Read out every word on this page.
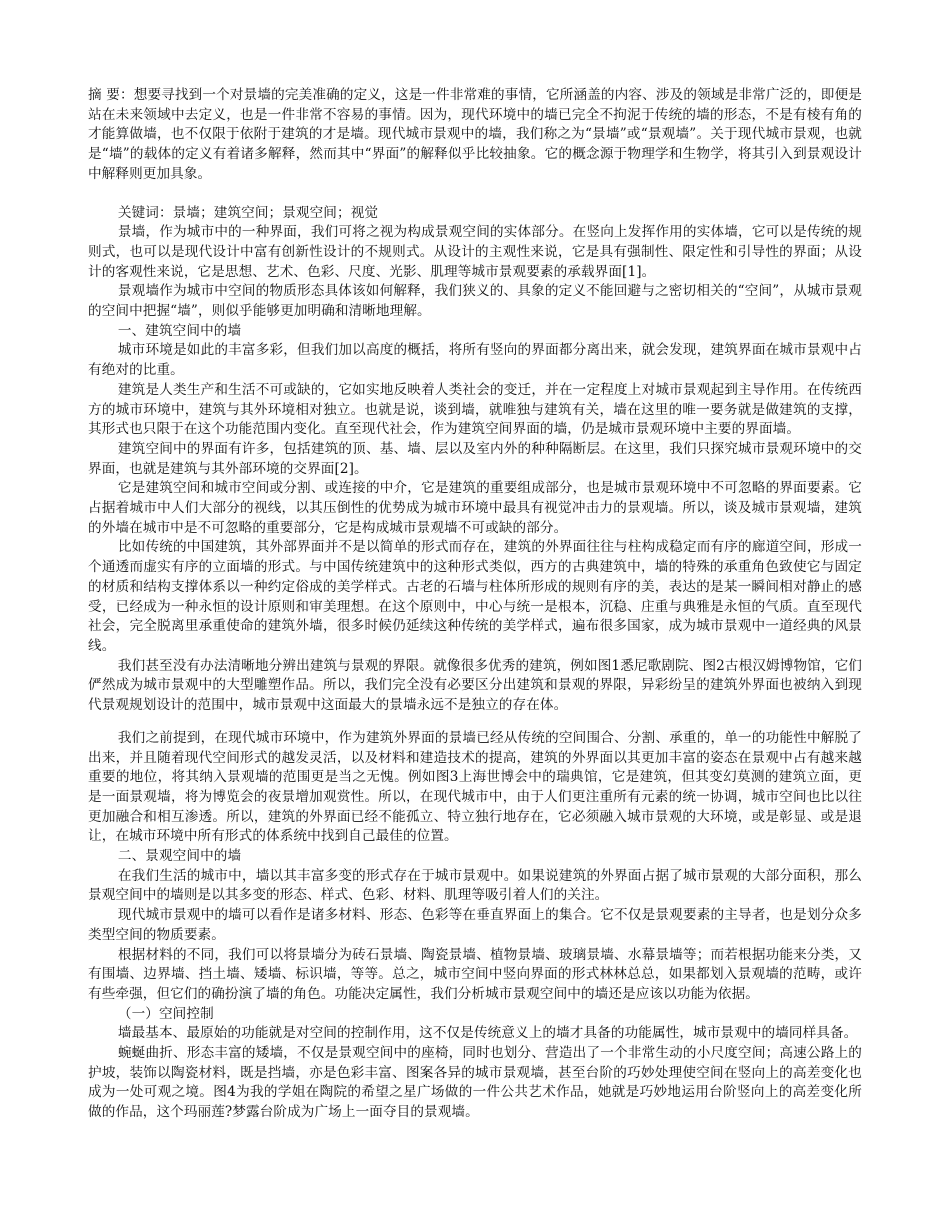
摘 要：想要寻找到一个对景墙的完美准确的定义，这是一件非常难的事情，它所涵盖的内容、涉及的领域是非常广泛的，即便是站在未来领域中去定义，也是一件非常不容易的事情。因为，现代环境中的墙已完全不拘泥于传统的墙的形态，不是有棱有角的才能算做墙，也不仅限于依附于建筑的才是墙。现代城市景观中的墙，我们称之为“景墙”或“景观墙”。关于现代城市景观，也就是“墙”的载体的定义有着诸多解释，然而其中“界面”的解释似乎比较抽象。它的概念源于物理学和生物学，将其引入到景观设计中解释则更加具象。

关键词：景墙；建筑空间；景观空间；视觉

景墙，作为城市中的一种界面，我们可将之视为构成景观空间的实体部分。在竖向上发挥作用的实体墙，它可以是传统的规则式，也可以是现代设计中富有创新性设计的不规则式。从设计的主观性来说，它是具有强制性、限定性和引导性的界面；从设计的客观性来说，它是思想、艺术、色彩、尺度、光影、肌理等城市景观要素的承载界面[1]。

景观墙作为城市中空间的物质形态具体该如何解释，我们狭义的、具象的定义不能回避与之密切相关的“空间”，从城市景观的空间中把握“墙”，则似乎能够更加明确和清晰地理解。

一、建筑空间中的墙

城市环境是如此的丰富多彩，但我们加以高度的概括，将所有竖向的界面都分离出来，就会发现，建筑界面在城市景观中占有绝对的比重。

建筑是人类生产和生活不可或缺的，它如实地反映着人类社会的变迁，并在一定程度上对城市景观起到主导作用。在传统西方的城市环境中，建筑与其外环境相对独立。也就是说，谈到墙，就唯独与建筑有关，墙在这里的唯一要务就是做建筑的支撑，其形式也只限于在这个功能范围内变化。直至现代社会，作为建筑空间界面的墙，仍是城市景观环境中主要的界面墙。

建筑空间中的界面有许多，包括建筑的顶、基、墙、层以及室内外的种种隔断层。在这里，我们只探究城市景观环境中的交界面，也就是建筑与其外部环境的交界面[2]。

它是建筑空间和城市空间或分割、或连接的中介，它是建筑的重要组成部分，也是城市景观环境中不可忽略的界面要素。它占据着城市中人们大部分的视线，以其压倒性的优势成为城市环境中最具有视觉冲击力的景观墙。所以，谈及城市景观墙，建筑的外墙在城市中是不可忽略的重要部分，它是构成城市景观墙不可或缺的部分。

比如传统的中国建筑，其外部界面并不是以简单的形式而存在，建筑的外界面往往与柱构成稳定而有序的廊道空间，形成一个通透而虚实有序的立面墙的形式。与中国传统建筑中的这种形式类似，西方的古典建筑中，墙的特殊的承重角色致使它与固定的材质和结构支撑体系以一种约定俗成的美学样式。古老的石墙与柱体所形成的规则有序的美，表达的是某一瞬间相对静止的感受，已经成为一种永恒的设计原则和审美理想。在这个原则中，中心与统一是根本，沉稳、庄重与典雅是永恒的气质。直至现代社会，完全脱离里承重使命的建筑外墙，很多时候仍延续这种传统的美学样式，遍布很多国家，成为城市景观中一道经典的风景线。

我们甚至没有办法清晰地分辨出建筑与景观的界限。就像很多优秀的建筑，例如图1悉尼歌剧院、图2古根汉姆博物馆，它们俨然成为城市景观中的大型雕塑作品。所以，我们完全没有必要区分出建筑和景观的界限，异彩纷呈的建筑外界面也被纳入到现代景观规划设计的范围中，城市景观中这面最大的景墙永远不是独立的存在体。

我们之前提到，在现代城市环境中，作为建筑外界面的景墙已经从传统的空间围合、分割、承重的，单一的功能性中解脱了出来，并且随着现代空间形式的越发灵活，以及材料和建造技术的提高，建筑的外界面以其更加丰富的姿态在景观中占有越来越重要的地位，将其纳入景观墙的范围更是当之无愧。例如图3上海世博会中的瑞典馆，它是建筑，但其变幻莫测的建筑立面，更是一面景观墙，将为博览会的夜景增加观赏性。所以，在现代城市中，由于人们更注重所有元素的统一协调，城市空间也比以往更加融合和相互渗透。所以，建筑的外界面已经不能孤立、特立独行地存在，它必须融入城市景观的大环境，或是彰显、或是退让，在城市环境中所有形式的体系统中找到自己最佳的位置。

二、景观空间中的墙

在我们生活的城市中，墙以其丰富多变的形式存在于城市景观中。如果说建筑的外界面占据了城市景观的大部分面积，那么景观空间中的墙则是以其多变的形态、样式、色彩、材料、肌理等吸引着人们的关注。

现代城市景观中的墙可以看作是诸多材料、形态、色彩等在垂直界面上的集合。它不仅是景观要素的主导者，也是划分众多类型空间的物质要素。

根据材料的不同，我们可以将景墙分为砖石景墙、陶瓷景墙、植物景墙、玻璃景墙、水幕景墙等；而若根据功能来分类，又有围墙、边界墙、挡土墙、矮墙、标识墙，等等。总之，城市空间中竖向界面的形式林林总总，如果都划入景观墙的范畴，或许 有些牵强，但它们的确扮演了墙的角色。功能决定属性，我们分析城市景观空间中的墙还是应该以功能为依据。

（一）空间控制

墙最基本、最原始的功能就是对空间的控制作用，这不仅是传统意义上的墙才具备的功能属性，城市景观中的墙同样具备。

蜿蜒曲折、形态丰富的矮墙，不仅是景观空间中的座椅，同时也划分、营造出了一个非常生动的小尺度空间；高速公路上的护坡，装饰以陶瓷材料，既是挡墙，亦是色彩丰富、图案各异的城市景观墙，甚至台阶的巧妙处理使空间在竖向上的高差变化也成为一处可观之境。图4为我的学姐在陶院的希望之星广场做的一件公共艺术作品，她就是巧妙地运用台阶竖向上的高差变化所做的作品，这个玛丽莲?梦露台阶成为广场上一面夺目的景观墙。
